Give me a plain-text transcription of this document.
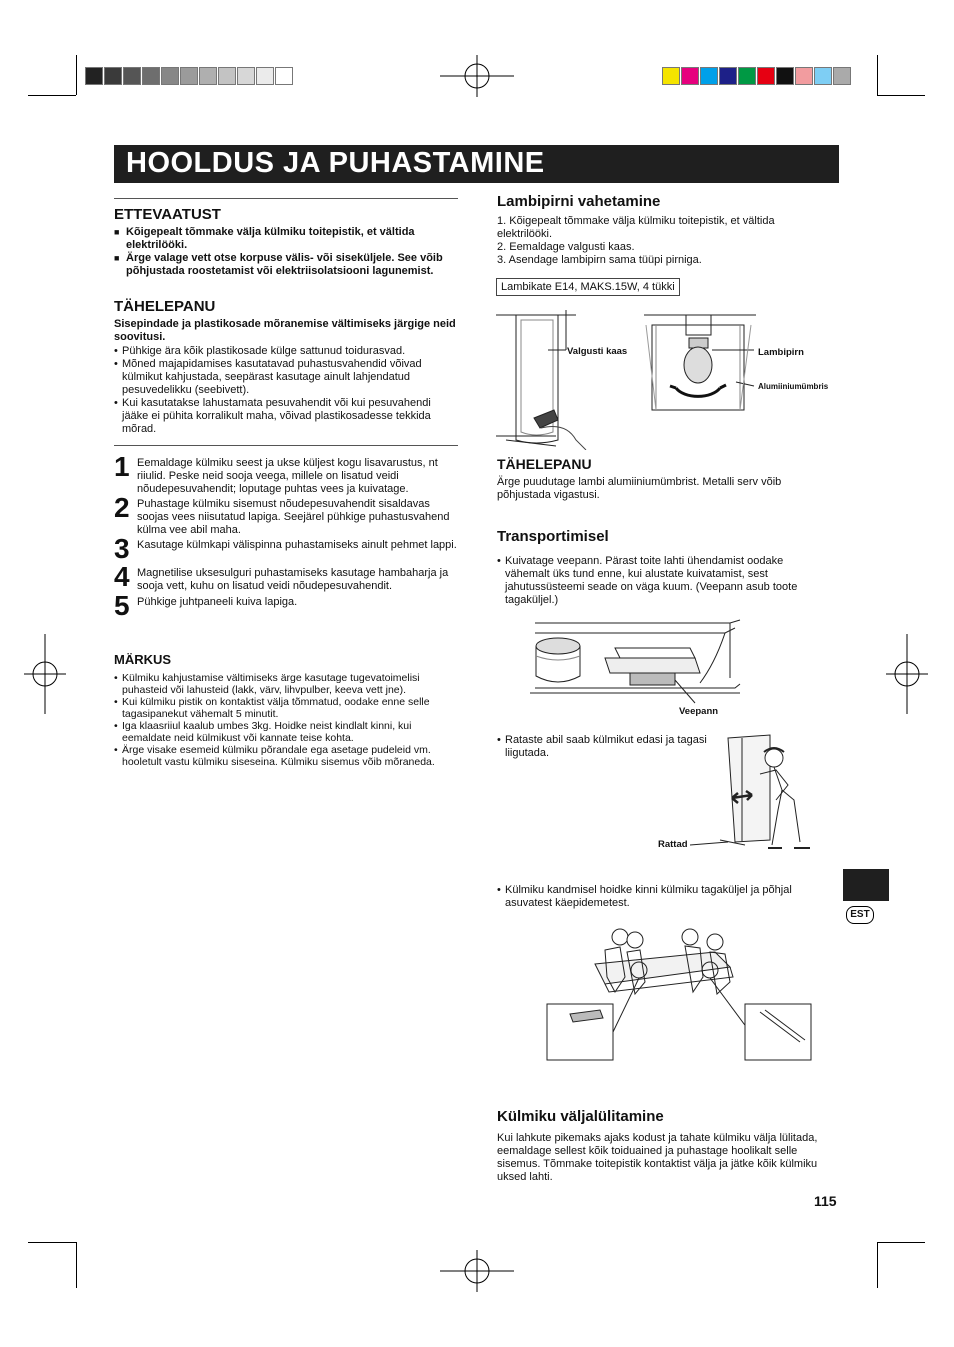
HOOLDUS JA PUHASTAMINE
ETTEVAATUST
■ Kõigepealt tõmmake välja külmiku toitepistik, et vältida elektrilööki.
■ Ärge valage vett otse korpuse välis- või siseküljele. See võib põhjustada roostetamist või elektriisolatsiooni lagunemist.
TÄHELEPANU
Sisepindade ja plastikosade mõranemise vältimiseks järgige neid soovitusi.
• Pühkige ära kõik plastikosade külge sattunud toidurasvad.
• Mõned majapidamises kasutatavad puhastusvahendid võivad külmikut kahjustada, seepärast kasutage ainult lahjendatud pesuvedelikku (seebivett).
• Kui kasutatakse lahustamata pesuvahendit või kui pesuvahendi jääke ei pühita korralikult maha, võivad plastikosadesse tekkida mõrad.
1 Eemaldage külmiku seest ja ukse küljest kogu lisavarustus, nt riiulid. Peske neid sooja veega, millele on lisatud veidi nõudepesuvahendit; loputage puhtas vees ja kuivatage.
2 Puhastage külmiku sisemust nõudepesuvahendit sisaldavas soojas vees niisutatud lapiga. Seejärel pühkige puhastusvahend külma vee abil maha.
3 Kasutage külmkapi välispinna puhastamiseks ainult pehmet lappi.
4 Magnetilise uksesulguri puhastamiseks kasutage hambaharja ja sooja vett, kuhu on lisatud veidi nõudepesuvahendit.
5 Pühkige juhtpaneeli kuiva lapiga.
MÄRKUS
• Külmiku kahjustamise vältimiseks ärge kasutage tugevatoimelisi puhasteid või lahusteid (lakk, värv, lihvpulber, keeva vett jne).
• Kui külmiku pistik on kontaktist välja tõmmatud, oodake enne selle tagasipanekut vähemalt 5 minutit.
• Iga klaasriiul kaalub umbes 3kg. Hoidke neist kindlalt kinni, kui eemaldate neid külmikust või kannate teise kohta.
• Ärge visake esemeid külmiku põrandale ega asetage pudeleid vm. hooletult vastu külmiku siseseina. Külmiku sisemus võib mõraneda.
Lambipirni vahetamine
1. Kõigepealt tõmmake välja külmiku toitepistik, et vältida elektrilööki.
2. Eemaldage valgusti kaas.
3. Asendage lambipirn sama tüüpi pirniga.
Lambikate E14, MAKS.15W, 4 tükki
Valgusti kaas	Lambipirn
Alumiiniumümbris
TÄHELEPANU
Ärge puudutage lambi alumiiniumümbrist. Metalli serv võib põhjustada vigastusi.
Transportimisel
• Kuivatage veepann. Pärast toite lahti ühendamist oodake vähemalt üks tund enne, kui alustate kuivatamist, sest jahutussüsteemi seade on väga kuum. (Veepann asub toote tagaküljel.)
Veepann
• Rataste abil saab külmikut edasi ja tagasi liigutada.
Rattad
• Külmiku kandmisel hoidke kinni külmiku tagaküljel ja põhjal asuvatest käepidemetest.
Külmiku väljalülitamine
Kui lahkute pikemaks ajaks kodust ja tahate külmiku välja lülitada, eemaldage sellest kõik toiduained ja puhastage hoolikalt selle sisemus. Tõmmake toitepistik kontaktist välja ja jätke kõik külmiku uksed lahti.
115
EST
